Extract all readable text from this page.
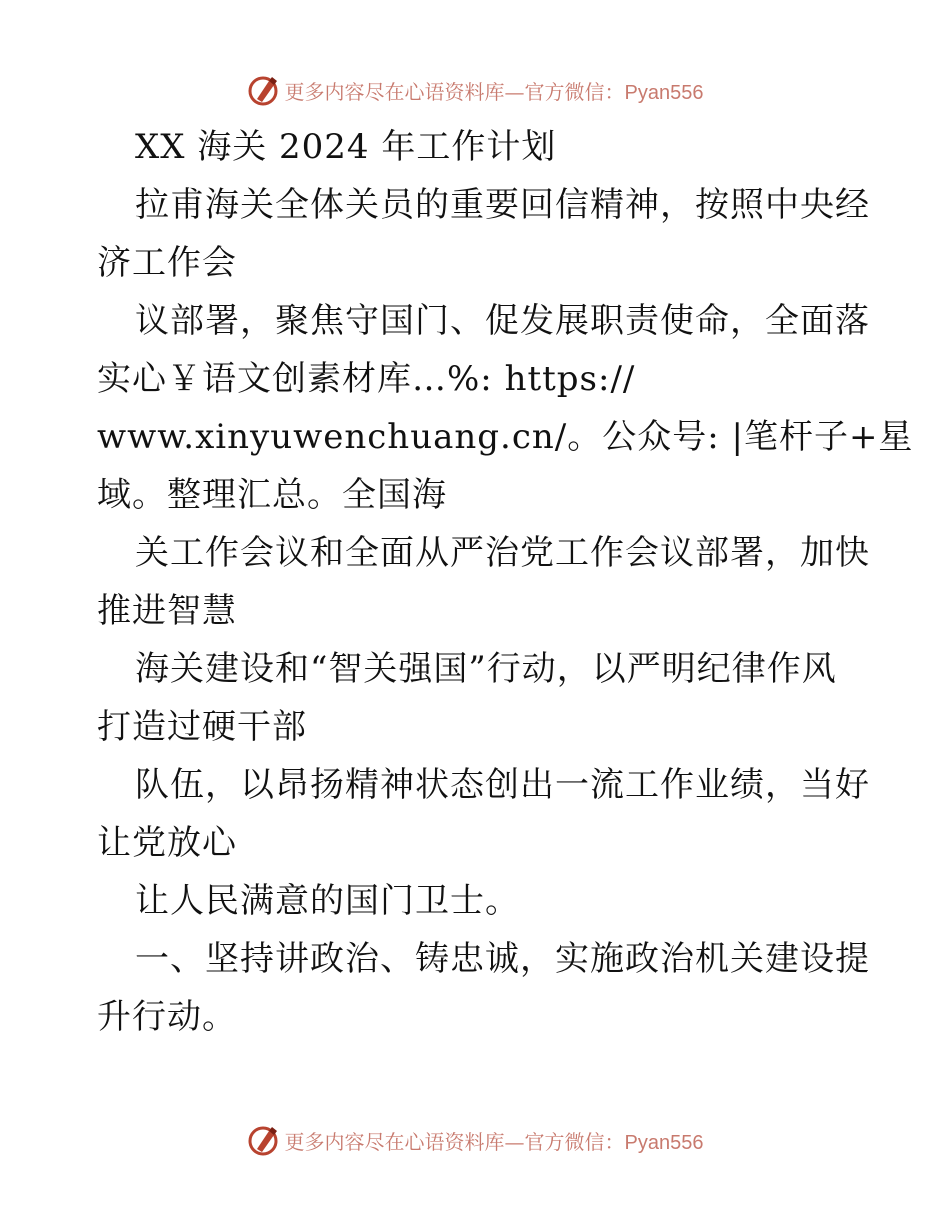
更多内容尽在心语资料库—官方微信：Pyan556
XX 海关 2024 年工作计划
拉甫海关全体关员的重要回信精神，按照中央经
济工作会
议部署，聚焦守国门、促发展职责使命，全面落
实心￥语文创素材库…%: https://
www.xinyuwenchuang.cn/。公众号: |笔杆子+星
域。整理汇总。全国海
关工作会议和全面从严治党工作会议部署，加快
推进智慧
海关建设和“智关强国”行动，以严明纪律作风
打造过硬干部
队伍，以昂扬精神状态创出一流工作业绩，当好
让党放心
让人民满意的国门卫士。
一、坚持讲政治、铸忠诚，实施政治机关建设提
升行动。
更多内容尽在心语资料库—官方微信：Pyan556
